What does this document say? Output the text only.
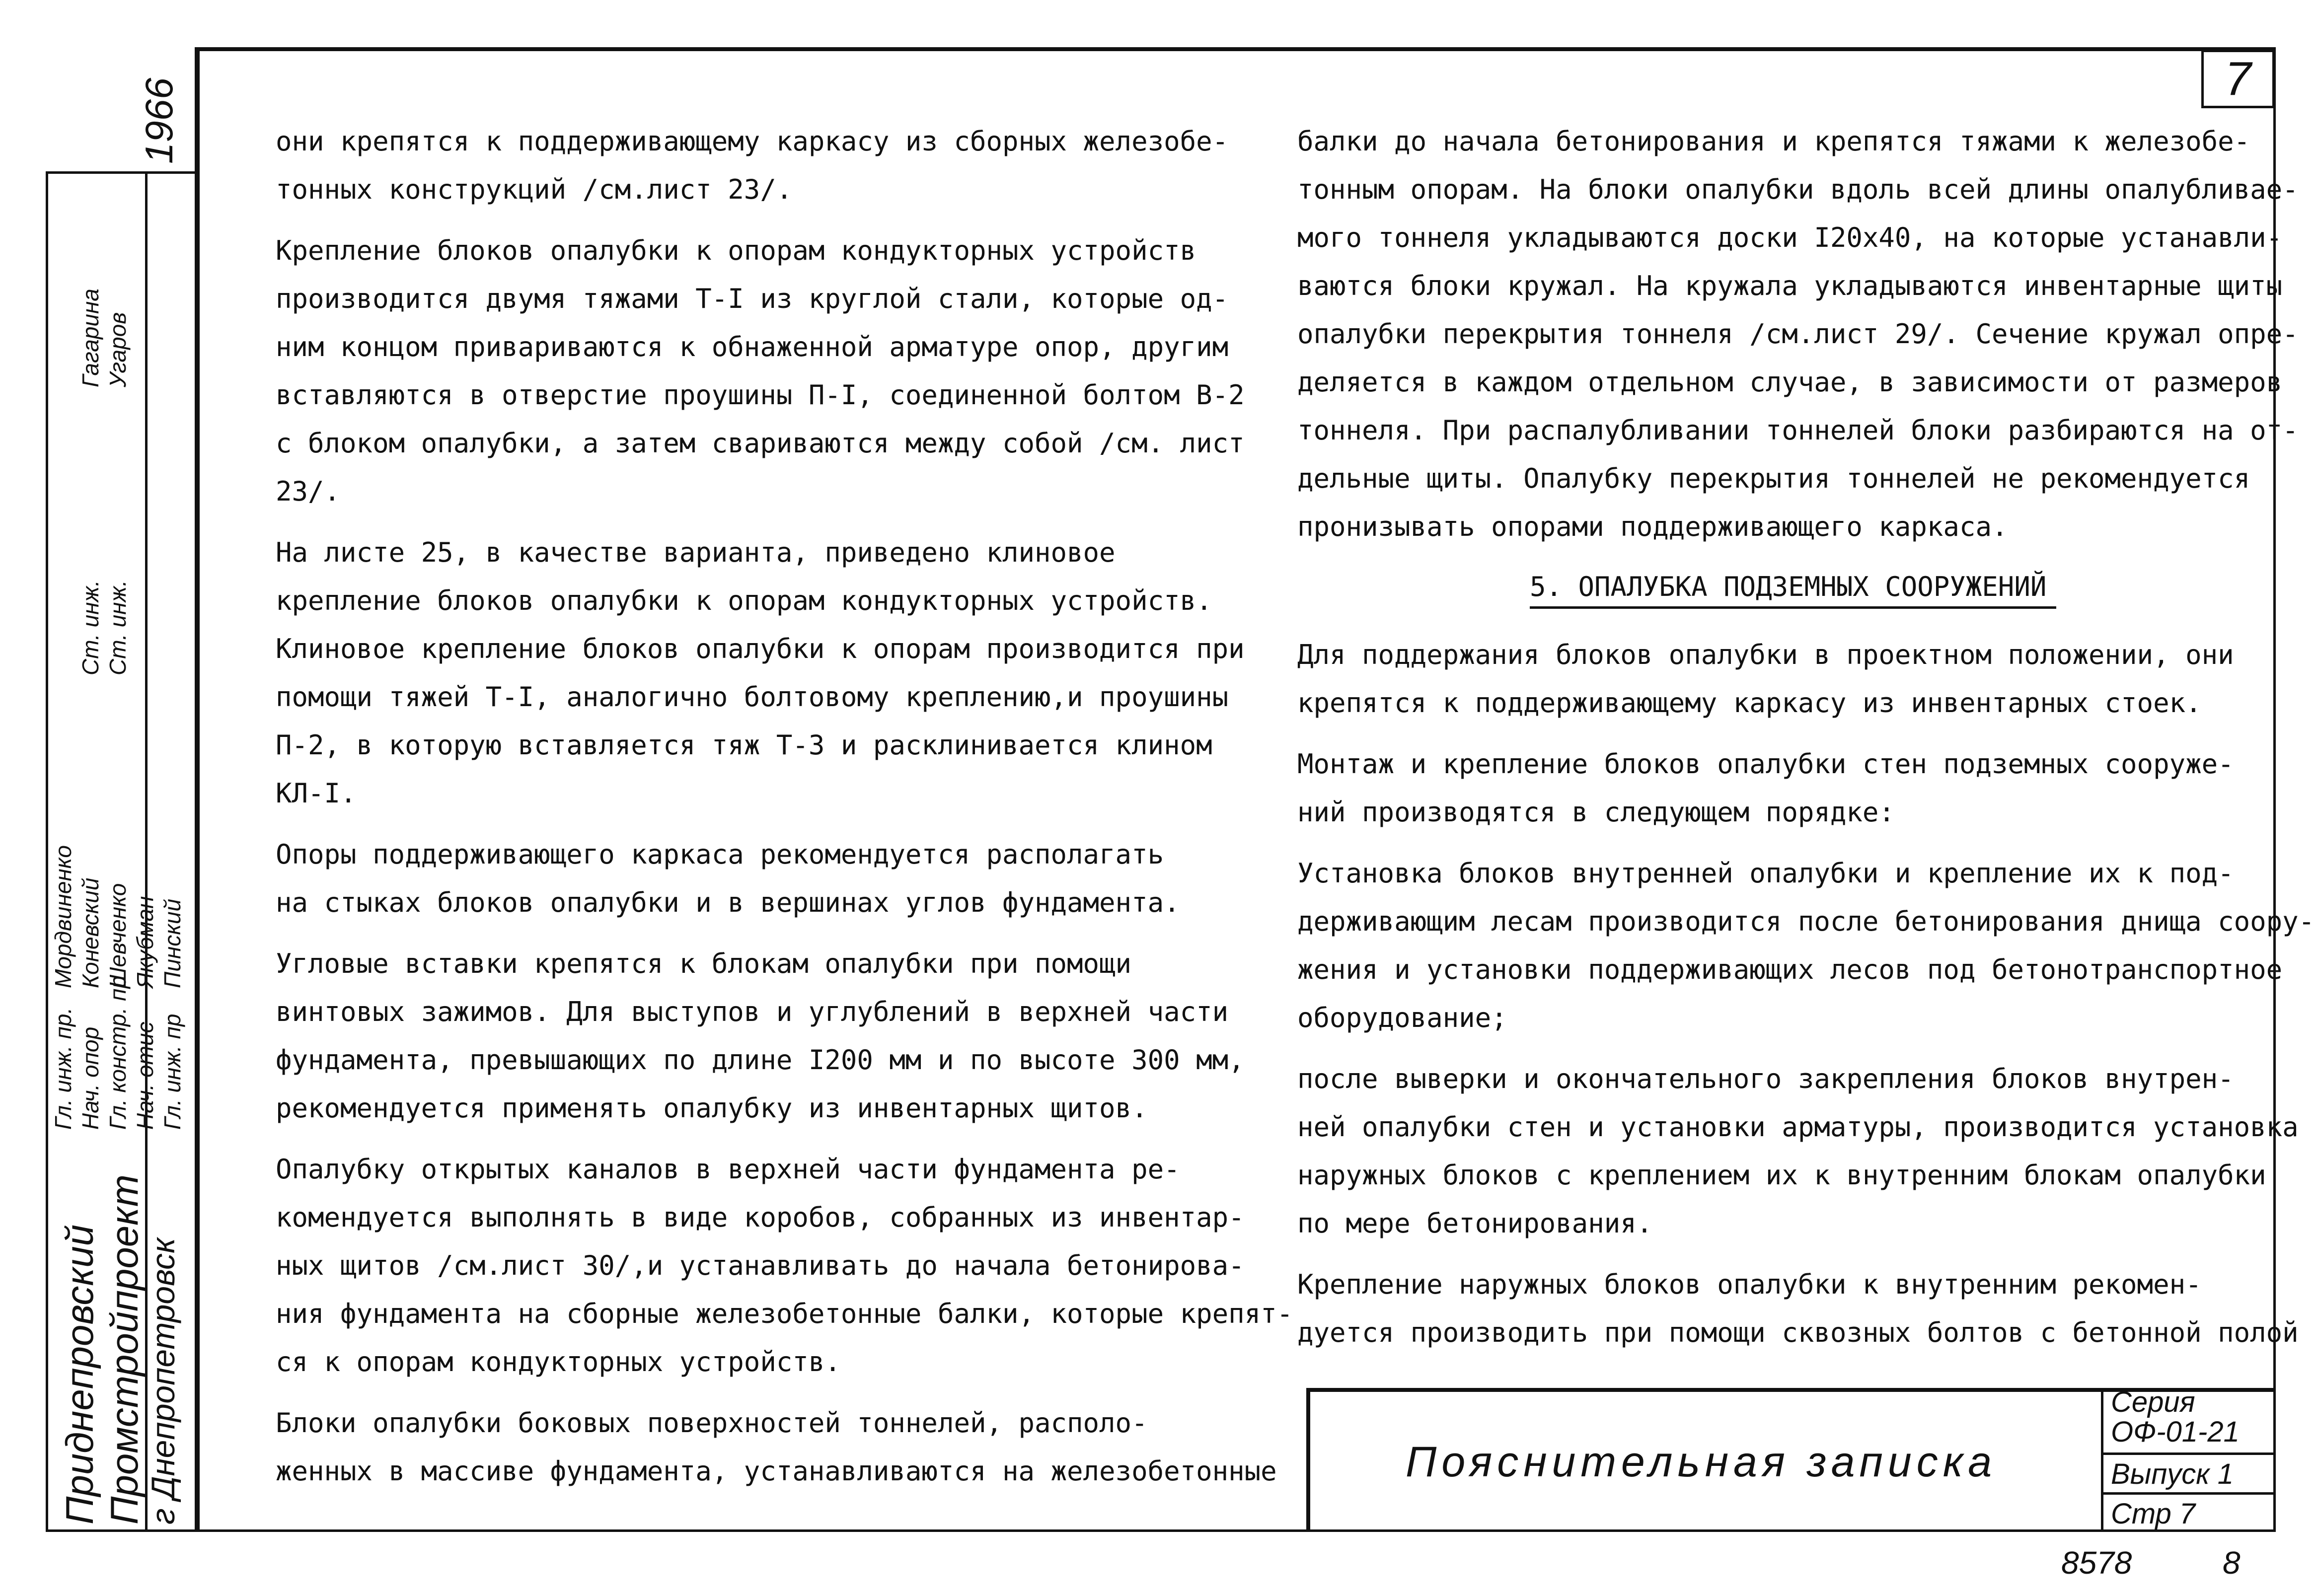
7
Приднепровский Промстройпроект
г Днепропетровск
1966
Гл. инж. пр. Нач. опор Гл. констр. пр Нач. отис Гл. инж. пр
Ст. инж. Ст. инж.
Пинский
Якубман
Шевченко
Коневский
Мордвиненко
Угаров
Гагарина

они крепятся к поддерживающему каркасу из сборных железобе-

тонных конструкций /см.лист 23/.

Крепление блоков опалубки к опорам кондукторных устройств

производится двумя тяжами Т-I из круглой стали, которые од-

ним концом привариваются к обнаженной арматуре опор, другим

вставляются в отверстие проушины П-I, соединенной болтом В-2

с блоком опалубки, а затем свариваются между собой /см. лист

23/.

На листе 25, в качестве варианта, приведено клиновое

крепление блоков опалубки к опорам кондукторных устройств.

Клиновое крепление блоков опалубки к опорам производится при

помощи тяжей Т-I, аналогично болтовому креплению,и проушины

П-2, в которую вставляется тяж Т-3 и расклинивается клином

КЛ-I.

Опоры поддерживающего каркаса рекомендуется располагать

на стыках блоков опалубки и в вершинах углов фундамента.

Угловые вставки крепятся к блокам опалубки при помощи

винтовых зажимов. Для выступов и углублений в верхней части

фундамента, превышающих по длине I200 мм и по высоте 300 мм,

рекомендуется применять опалубку из инвентарных щитов.

Опалубку открытых каналов в верхней части фундамента ре-

комендуется выполнять в виде коробов, собранных из инвентар-

ных щитов /см.лист 30/,и устанавливать до начала бетонирова-

ния фундамента на сборные железобетонные балки, которые крепят-

ся к опорам кондукторных устройств.

Блоки опалубки боковых поверхностей тоннелей, располо-

женных в массиве фундамента, устанавливаются на железобетонные

балки до начала бетонирования и крепятся тяжами к железобе-

тонным опорам. На блоки опалубки вдоль всей длины опалубливае-

мого тоннеля укладываются доски I20x40, на которые устанавли-

ваются блоки кружал. На кружала укладываются инвентарные щиты

опалубки перекрытия тоннеля /см.лист 29/. Сечение кружал опре-

деляется в каждом отдельном случае, в зависимости от размеров

тоннеля. При распалубливании тоннелей блоки разбираются на от-

дельные щиты. Опалубку перекрытия тоннелей не рекомендуется

пронизывать опорами поддерживающего каркаса.

5. ОПАЛУБКА ПОДЗЕМНЫХ СООРУЖЕНИЙ

Для поддержания блоков опалубки в проектном положении, они

крепятся к поддерживающему каркасу из инвентарных стоек.

Монтаж и крепление блоков опалубки стен подземных сооруже-

ний производятся в следующем порядке:

Установка блоков внутренней опалубки и крепление их к под-

держивающим лесам производится после бетонирования днища соору-

жения и установки поддерживающих лесов под бетонотранспортное

оборудование;

после выверки и окончательного закрепления блоков внутрен-

ней опалубки стен и установки арматуры, производится установка

наружных блоков с креплением их к внутренним блокам опалубки

по мере бетонирования.

Крепление наружных блоков опалубки к внутренним рекомен-

дуется производить при помощи сквозных болтов с бетонной полой

Пояснительная записка
Серия
ОФ-01-21
Выпуск 1
Стр 7
8578	8
